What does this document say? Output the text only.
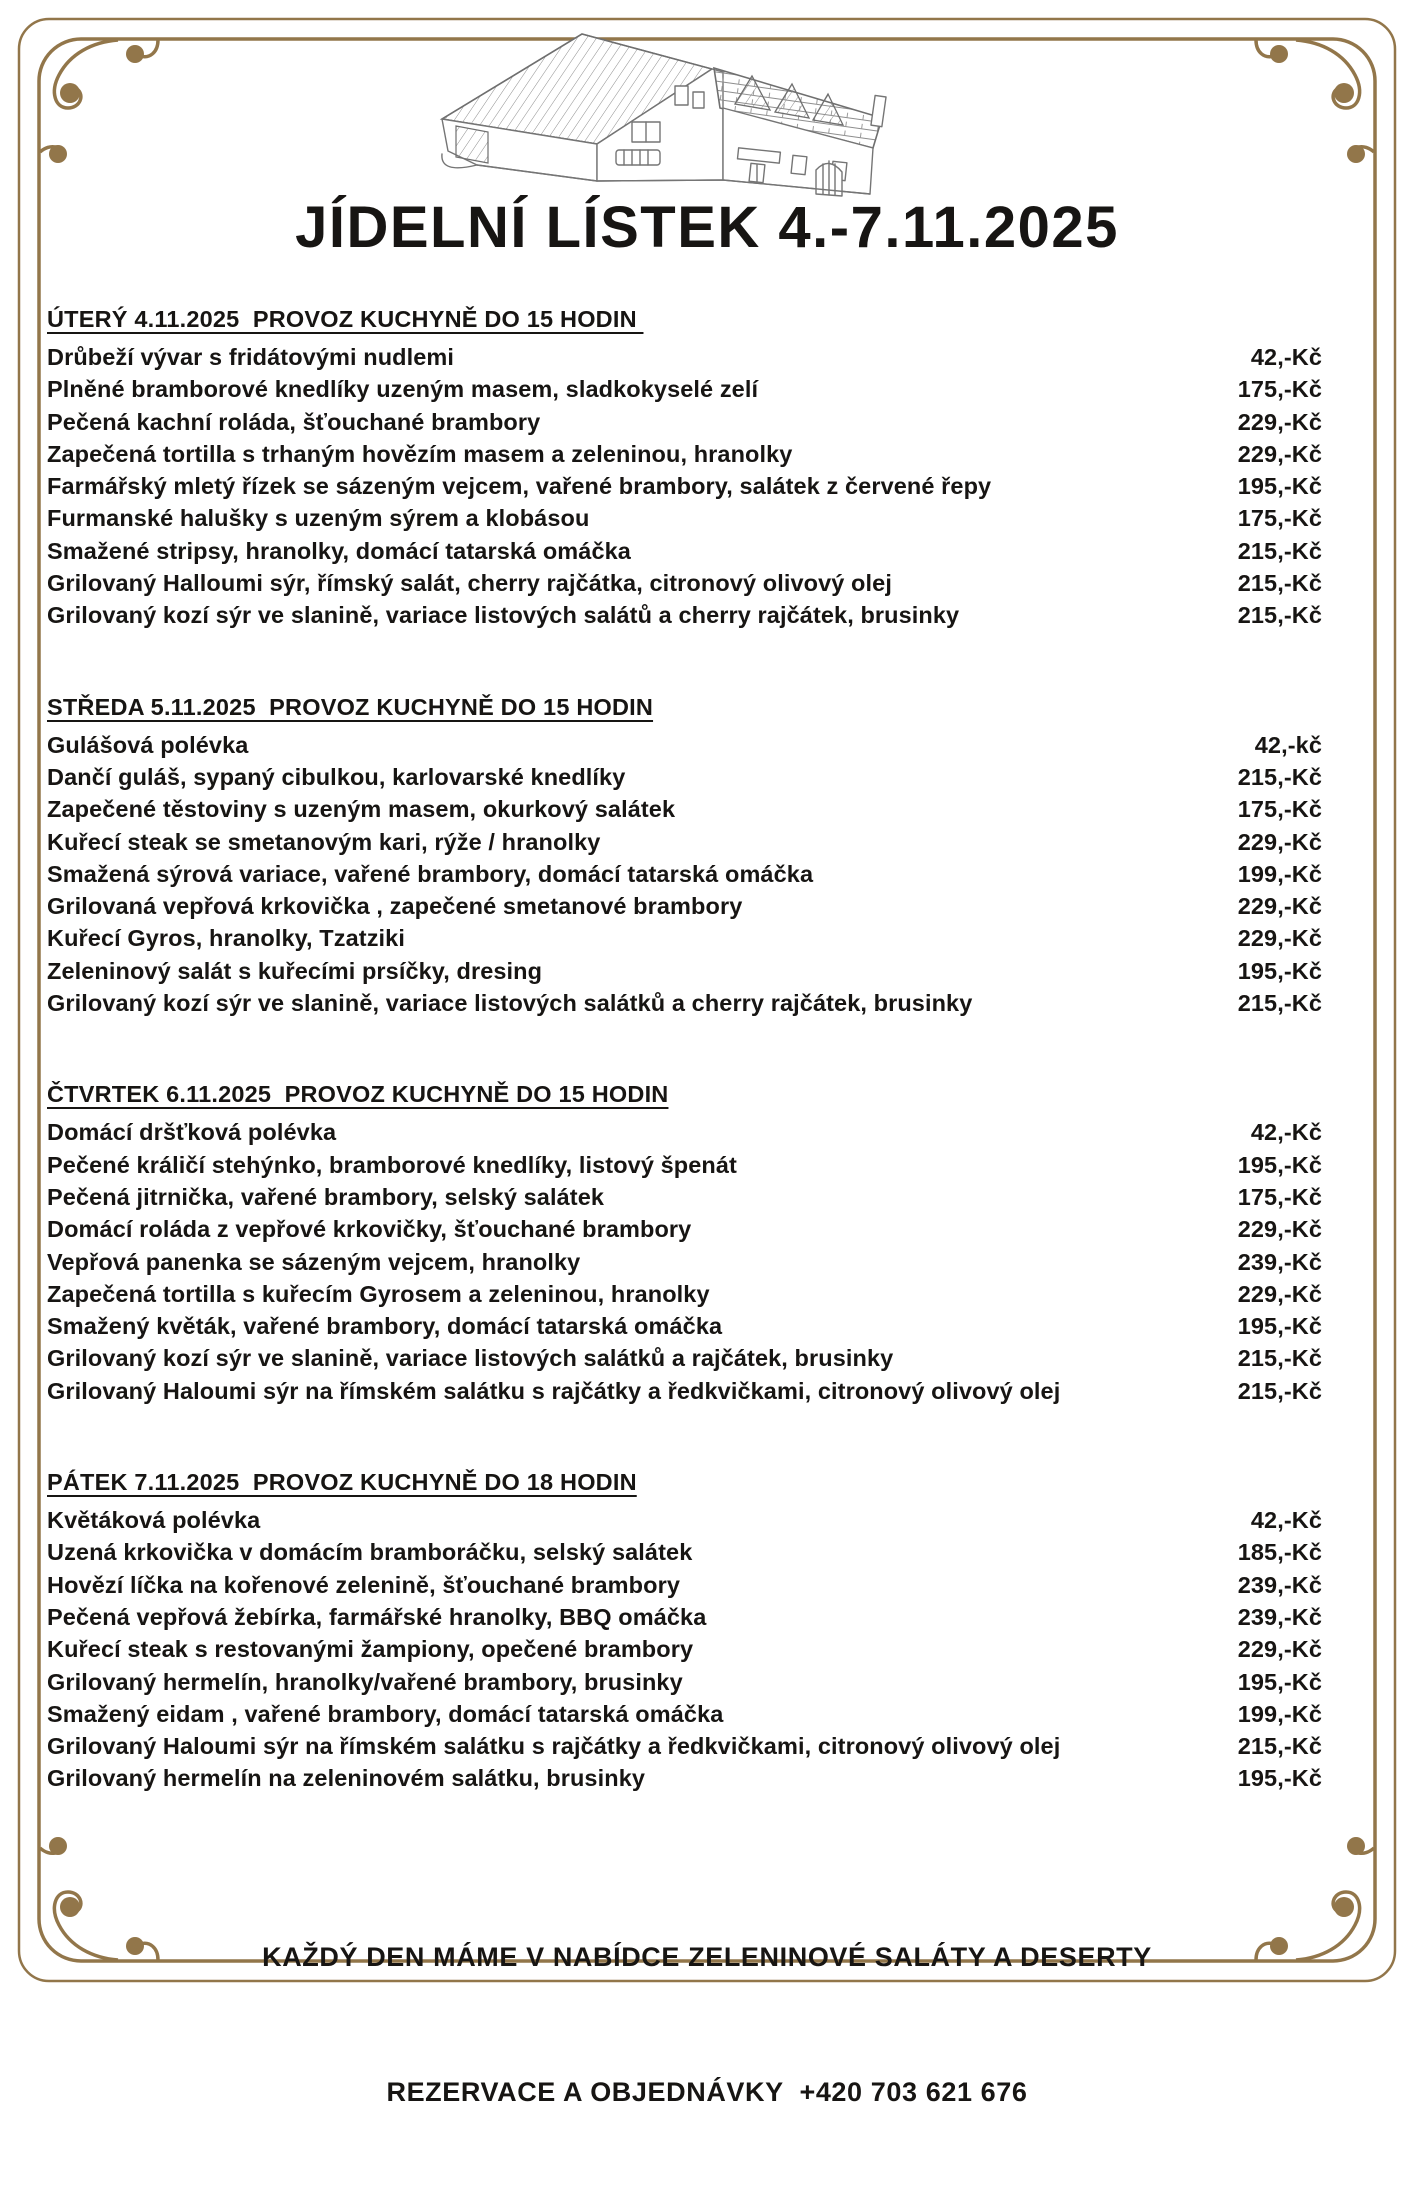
JÍDELNÍ LÍSTEK 4.-7.11.2025
ÚTERÝ 4.11.2025  PROVOZ KUCHYNĚ DO 15 HODIN
Drůbeží vývar s fridátovými nudlemi	42,-Kč
Plněné bramborové knedlíky uzeným masem, sladkokyselé zelí	175,-Kč
Pečená kachní roláda, šťouchané brambory	229,-Kč
Zapečená tortilla s trhaným hovězím masem a zeleninou, hranolky	229,-Kč
Farmářský mletý řízek se sázeným vejcem, vařené brambory, salátek z červené řepy	195,-Kč
Furmanské halušky s uzeným sýrem a klobásou	175,-Kč
Smažené stripsy, hranolky, domácí tatarská omáčka	215,-Kč
Grilovaný Halloumi sýr, římský salát, cherry rajčátka, citronový olivový olej	215,-Kč
Grilovaný kozí sýr ve slanině, variace listových salátů a cherry rajčátek, brusinky	215,-Kč
STŘEDA 5.11.2025  PROVOZ KUCHYNĚ DO 15 HODIN
Gulášová polévka	42,-kč
Dančí guláš, sypaný cibulkou, karlovarské knedlíky	215,-Kč
Zapečené těstoviny s uzeným masem, okurkový salátek	175,-Kč
Kuřecí steak se smetanovým kari, rýže / hranolky	229,-Kč
Smažená sýrová variace, vařené brambory, domácí tatarská omáčka	199,-Kč
Grilovaná vepřová krkovička , zapečené smetanové brambory	229,-Kč
Kuřecí Gyros, hranolky, Tzatziki	229,-Kč
Zeleninový salát s kuřecími prsíčky, dresing	195,-Kč
Grilovaný kozí sýr ve slanině, variace listových salátků a cherry rajčátek, brusinky	215,-Kč
ČTVRTEK 6.11.2025  PROVOZ KUCHYNĚ DO 15 HODIN
Domácí dršťková polévka	42,-Kč
Pečené králičí stehýnko, bramborové knedlíky, listový špenát	195,-Kč
Pečená jitrnička, vařené brambory, selský salátek	175,-Kč
Domácí roláda z vepřové krkovičky, šťouchané brambory	229,-Kč
Vepřová panenka se sázeným vejcem, hranolky	239,-Kč
Zapečená tortilla s kuřecím Gyrosem a zeleninou, hranolky	229,-Kč
Smažený květák, vařené brambory, domácí tatarská omáčka	195,-Kč
Grilovaný kozí sýr ve slanině, variace listových salátků a rajčátek, brusinky	215,-Kč
Grilovaný Haloumi sýr na římském salátku s rajčátky a ředkvičkami, citronový olivový olej	215,-Kč
PÁTEK 7.11.2025  PROVOZ KUCHYNĚ DO 18 HODIN
Květáková polévka	42,-Kč
Uzená krkovička v domácím bramboráčku, selský salátek	185,-Kč
Hovězí líčka na kořenové zelenině, šťouchané brambory	239,-Kč
Pečená vepřová žebírka, farmářské hranolky, BBQ omáčka	239,-Kč
Kuřecí steak s restovanými žampiony, opečené brambory	229,-Kč
Grilovaný hermelín, hranolky/vařené brambory, brusinky	195,-Kč
Smažený eidam , vařené brambory, domácí tatarská omáčka	199,-Kč
Grilovaný Haloumi sýr na římském salátku s rajčátky a ředkvičkami, citronový olivový olej	215,-Kč
Grilovaný hermelín na zeleninovém salátku, brusinky	195,-Kč

KAŽDÝ DEN MÁME V NABÍDCE ZELENINOVÉ SALÁTY A DESERTY

REZERVACE A OBJEDNÁVKY  +420 703 621 676
